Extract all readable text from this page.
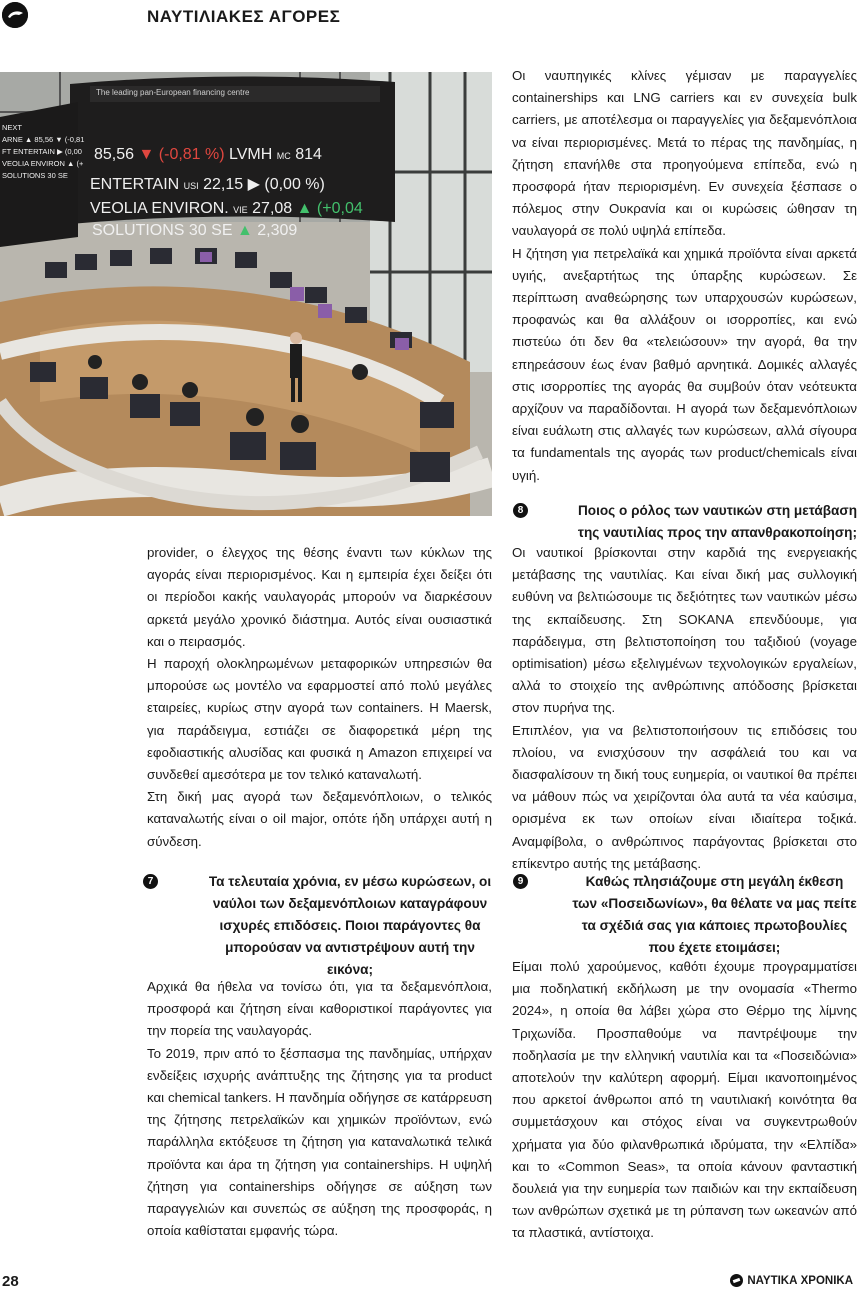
ΝΑΥΤΙΛΙΑΚΕΣ ΑΓΟΡΕΣ
The leading pan-European financing centre
85,56 ▼ (-0,81 %) LVMH MC 814
ENTERTAIN USI 22,15 ▶ (0,00 %)
VEOLIA ENVIRON. VIE 27,08 ▲ (+0,04
SOLUTIONS 30 SE ▲ 2,309
NEXT
ARNE ▲ 85,56 ▼ (-0,81
FT ENTERTAIN ▶ (0,00
VEOLIA ENVIRON ▲ (+
SOLUTIONS 30 SE

provider, ο έλεγχος της θέσης έναντι των κύκλων της αγοράς είναι περιορισμένος. Και η εμπειρία έχει δείξει ότι οι περίοδοι κακής ναυλαγοράς μπορούν να διαρκέσουν αρκετά μεγάλο χρονικό διάστημα. Αυτός είναι ουσιαστικά και ο πειρασμός.

Η παροχή ολοκληρωμένων μεταφορικών υπηρεσιών θα μπορούσε ως μοντέλο να εφαρμοστεί από πολύ μεγάλες εταιρείες, κυρίως στην αγορά των containers. Η Maersk, για παράδειγμα, εστιάζει σε διαφορετικά μέρη της εφοδιαστικής αλυσίδας και φυσικά η Amazon επιχειρεί να συνδεθεί αμεσότερα με τον τελικό καταναλωτή.

Στη δική μας αγορά των δεξαμενόπλοιων, ο τελικός καταναλωτής είναι ο oil major, οπότε ήδη υπάρχει αυτή η σύνδεση.

7	Τα τελευταία χρόνια, εν μέσω κυρώσεων, οι ναύλοι των δεξαμενόπλοιων καταγράφουν ισχυρές επιδόσεις. Ποιοι παράγοντες θα μπορούσαν να αντιστρέψουν αυτή την εικόνα;

Αρχικά θα ήθελα να τονίσω ότι, για τα δεξαμενόπλοια, προσφορά και ζήτηση είναι καθοριστικοί παράγοντες για την πορεία της ναυλαγοράς.

Το 2019, πριν από το ξέσπασμα της πανδημίας, υπήρχαν ενδείξεις ισχυρής ανάπτυξης της ζήτησης για τα product και chemical tankers. Η πανδημία οδήγησε σε κατάρρευση της ζήτησης πετρελαϊκών και χημικών προϊόντων, ενώ παράλληλα εκτόξευσε τη ζήτηση για καταναλωτικά τελικά προϊόντα και άρα τη ζήτηση για containerships. Η υψηλή ζήτηση για containerships οδήγησε σε αύξηση των παραγγελιών και συνεπώς σε αύξηση της προσφοράς, η οποία καθίσταται εμφανής τώρα.

Οι ναυπηγικές κλίνες γέμισαν με παραγγελίες containerships και LNG carriers και εν συνεχεία bulk carriers, με αποτέλεσμα οι παραγγελίες για δεξαμενόπλοια να είναι περιορισμένες. Μετά το πέρας της πανδημίας, η ζήτηση επανήλθε στα προηγούμενα επίπεδα, ενώ η προσφορά ήταν περιορισμένη. Εν συνεχεία ξέσπασε ο πόλεμος στην Ουκρανία και οι κυρώσεις ώθησαν τη ναυλαγορά σε πολύ υψηλά επίπεδα.

Η ζήτηση για πετρελαϊκά και χημικά προϊόντα είναι αρκετά υγιής, ανεξαρτήτως της ύπαρξης κυρώσεων. Σε περίπτωση αναθεώρησης των υπαρχουσών κυρώσεων, προφανώς και θα αλλάξουν οι ισορροπίες, και ενώ πιστεύω ότι δεν θα «τελειώσουν» την αγορά, θα την επηρεάσουν έως έναν βαθμό αρνητικά. Δομικές αλλαγές στις ισορροπίες της αγοράς θα συμβούν όταν νεότευκτα αρχίζουν να παραδίδονται. Η αγορά των δεξαμενόπλοιων είναι ευάλωτη στις αλλαγές των κυρώσεων, αλλά σίγουρα τα fundamentals της αγοράς των product/chemicals είναι υγιή.

8	Ποιος ο ρόλος των ναυτικών στη μετάβαση της ναυτιλίας προς την απανθρακοποίηση;

Οι ναυτικοί βρίσκονται στην καρδιά της ενεργειακής μετάβασης της ναυτιλίας. Και είναι δική μας συλλογική ευθύνη να βελτιώσουμε τις δεξιότητες των ναυτικών μέσω της εκπαίδευσης. Στη SOKANA επενδύουμε, για παράδειγμα, στη βελτιστοποίηση του ταξιδιού (voyage optimisation) μέσω εξελιγμένων τεχνολογικών εργαλείων, αλλά το στοιχείο της ανθρώπινης απόδοσης βρίσκεται στον πυρήνα της.

Επιπλέον, για να βελτιστοποιήσουν τις επιδόσεις του πλοίου, να ενισχύσουν την ασφάλειά του και να διασφαλίσουν τη δική τους ευημερία, οι ναυτικοί θα πρέπει να μάθουν πώς να χειρίζονται όλα αυτά τα νέα καύσιμα, ορισμένα εκ των οποίων είναι ιδιαίτερα τοξικά. Αναμφίβολα, ο ανθρώπινος παράγοντας βρίσκεται στο επίκεντρο αυτής της μετάβασης.

9	Καθώς πλησιάζουμε στη μεγάλη έκθεση των «Ποσειδωνίων», θα θέλατε να μας πείτε τα σχέδιά σας για κάποιες πρωτοβουλίες που έχετε ετοιμάσει;

Είμαι πολύ χαρούμενος, καθότι έχουμε προγραμματίσει μια ποδηλατική εκδήλωση με την ονομασία «Thermo 2024», η οποία θα λάβει χώρα στο Θέρμο της λίμνης Τριχωνίδα. Προσπαθούμε να παντρέψουμε την ποδηλασία με την ελληνική ναυτιλία και τα «Ποσειδώνια» αποτελούν την καλύτερη αφορμή. Είμαι ικανοποιημένος που αρκετοί άνθρωποι από τη ναυτιλιακή κοινότητα θα συμμετάσχουν και στόχος είναι να συγκεντρωθούν χρήματα για δύο φιλανθρωπικά ιδρύματα, την «Ελπίδα» και το «Common Seas», τα οποία κάνουν φανταστική δουλειά για την ευημερία των παιδιών και την εκπαίδευση των ανθρώπων σχετικά με τη ρύπανση των ωκεανών από τα πλαστικά, αντίστοιχα.

28	ΝΑΥΤΙΚΑ ΧΡΟΝΙΚΑ
